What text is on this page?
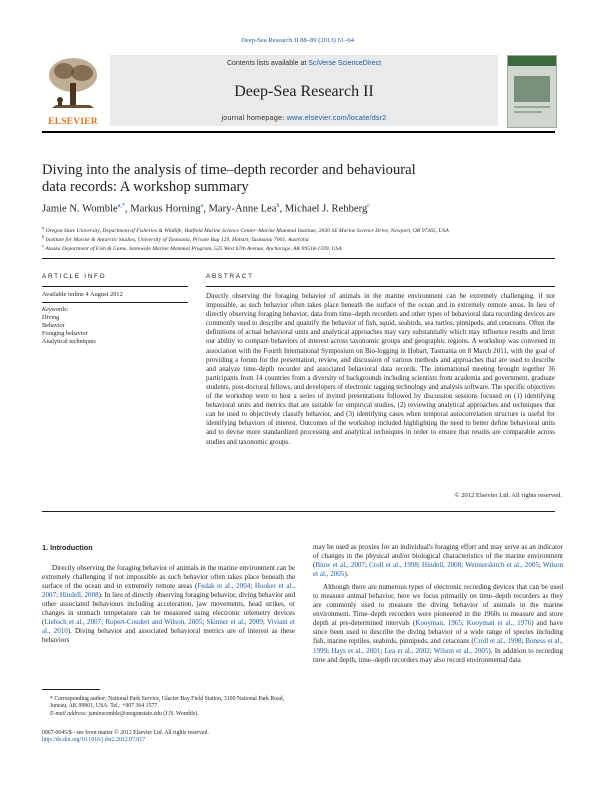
Deep-Sea Research II 88–89 (2013) 61–64
ELSEVIER
Contents lists available at SciVerse ScienceDirect
Deep-Sea Research II
journal homepage: www.elsevier.com/locate/dsr2
Diving into the analysis of time–depth recorder and behavioural
data records: A workshop summary
Jamie N. Womble$^{a,*}$, Markus Horning$^a$, Mary-Anne Lea$^b$, Michael J. Rehberg$^c$
$^a$ Oregon State University, Department of Fisheries & Wildlife, Hatfield Marine Science Center–Marine Mammal Institute, 2030 SE Marine Science Drive, Newport, OR 97365, USA
$^b$ Institute for Marine & Antarctic Studies, University of Tasmania, Private Bag 129, Hobart, Tasmania 7001, Australia
$^c$ Alaska Department of Fish & Game, Statewide Marine Mammal Program, 525 West 67th Avenue, Anchorage, AK 99518-1599, USA
ARTICLE INFO
Available online 4 August 2012
Keywords:
Diving
Behavior
Foraging behavior
Analytical techniques
ABSTRACT
Directly observing the foraging behavior of animals in the marine environment can be extremely challenging, if not impossible, as such behavior often takes place beneath the surface of the ocean and in extremely remote areas. In lieu of directly observing foraging behavior, data from time–depth recorders and other types of behavioral data recording devices are commonly used to describe and quantify the behavior of fish, squid, seabirds, sea turtles, pinnipeds, and cetaceans. Often the definitions of actual behavioral units and analytical approaches may vary substantially which may influence results and limit our ability to compare behaviors of interest across taxonomic groups and geographic regions. A workshop was convened in association with the Fourth International Symposium on Bio-logging in Hobart, Tasmania on 8 March 2011, with the goal of providing a forum for the presentation, review, and discussion of various methods and approaches that are used to describe and analyze time–depth recorder and associated behavioral data records. The international meeting brought together 36 participants from 14 countries from a diversity of backgrounds including scientists from academia and government, graduate students, post-doctoral fellows, and developers of electronic tagging technology and analysis software. The specific objectives of the workshop were to host a series of invited presentations followed by discussion sessions focused on (1) identifying behavioral units and metrics that are suitable for empirical studies, (2) reviewing analytical approaches and techniques that can be used to objectively classify behavior, and (3) identifying cases when temporal autocorrelation structure is useful for identifying behaviors of interest. Outcomes of the workshop included highlighting the need to better define behavioral units and to devise more standardized processing and analytical techniques in order to ensure that results are comparable across studies and taxonomic groups.
© 2012 Elsevier Ltd. All rights reserved.
1. Introduction

Directly observing the foraging behavior of animals in the marine environment can be extremely challenging if not impossible as such behavior often takes place beneath the surface of the ocean and in extremely remote areas (Fedak et al., 2004; Hooker et al., 2007; Hindell, 2008). In lieu of directly observing foraging behavior, diving behavior and other associated behaviours including acceleration, jaw movements, head strikes, or changes in stomach temperature can be measured using electronic telemetry devices (Liebsch et al., 2007; Ropert-Coudert and Wilson, 2005; Skinner et al., 2009; Viviant et al., 2010). Diving behavior and associated behavioral metrics are of interest as these behaviors

* Corresponding author: National Park Service, Glacier Bay Field Station, 3100 National Park Road, Juneau, AK 99801, USA. Tel.: +907 364 1577.

E-mail address: jamiewomble@oregonstate.edu (J.N. Womble).

0967-0645/$ - see front matter © 2012 Elsevier Ltd. All rights reserved.
http://dx.doi.org/10.1016/j.dsr2.2012.07.017

may be used as proxies for an individual's foraging effort and may serve as an indicator of changes in the physical and/or biological characteristics of the marine environment (Biuw et al., 2007; Croll et al., 1998; Hindell, 2008; Weimerskirch et al., 2005; Wilson et al., 2005).

Although there are numerous types of electronic recording devices that can be used to measure animal behavior, here we focus primarily on time–depth recorders as they are commonly used to measure the diving behavior of animals in the marine environment. Time–depth recorders were pioneered in the 1960s to measure and store depth at pre-determined intervals (Kooyman, 1965; Kooyman et al., 1976) and have since been used to describe the diving behavior of a wide range of species including fish, marine reptiles, seabirds, pinnipeds, and cetaceans (Croll et al., 1998; Boness et al., 1999; Hays et al., 2001; Lea et al., 2002; Wilson et al., 2005). In addition to recording time and depth, time–depth recorders may also record environmental data
